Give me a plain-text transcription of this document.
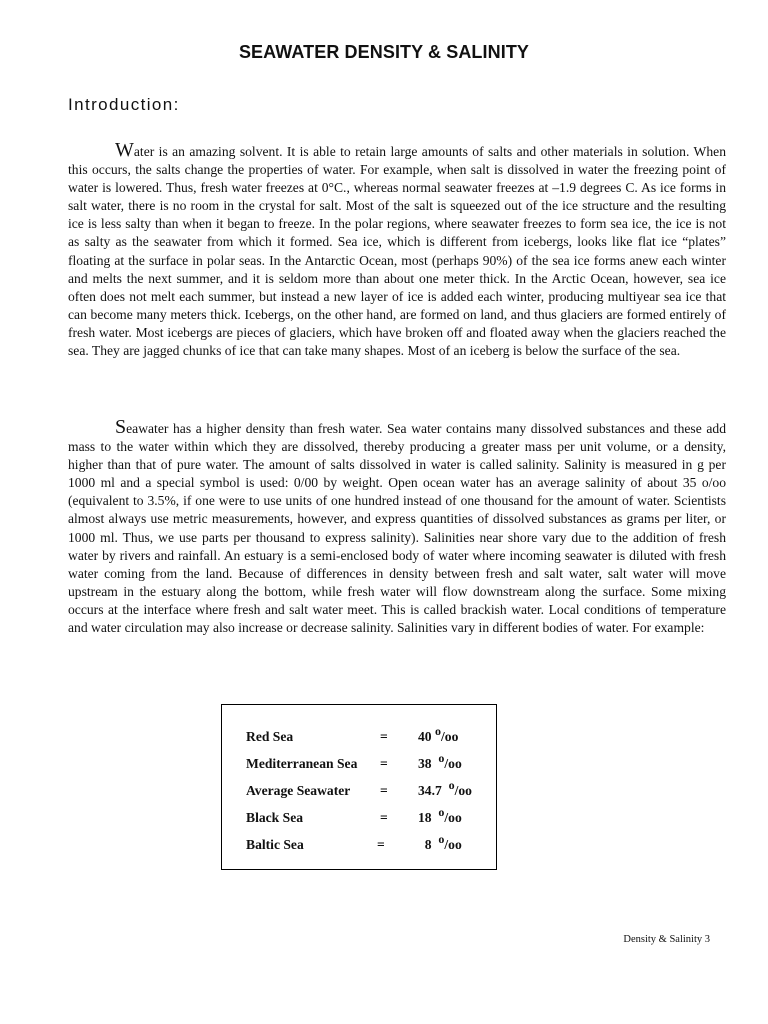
SEAWATER DENSITY & SALINITY
Introduction:

Water is an amazing solvent. It is able to retain large amounts of salts and other materials in solution. When this occurs, the salts change the properties of water. For example, when salt is dissolved in water the freezing point of water is lowered. Thus, fresh water freezes at 0°C., whereas normal seawater freezes at –1.9 degrees C. As ice forms in salt water, there is no room in the crystal for salt. Most of the salt is squeezed out of the ice structure and the resulting ice is less salty than when it began to freeze. In the polar regions, where seawater freezes to form sea ice, the ice is not as salty as the seawater from which it formed. Sea ice, which is different from icebergs, looks like flat ice “plates” floating at the surface in polar seas. In the Antarctic Ocean, most (perhaps 90%) of the sea ice forms anew each winter and melts the next summer, and it is seldom more than about one meter thick. In the Arctic Ocean, however, sea ice often does not melt each summer, but instead a new layer of ice is added each winter, producing multiyear sea ice that can become many meters thick. Icebergs, on the other hand, are formed on land, and thus glaciers are formed entirely of fresh water. Most icebergs are pieces of glaciers, which have broken off and floated away when the glaciers reached the sea. They are jagged chunks of ice that can take many shapes. Most of an iceberg is below the surface of the sea.

Seawater has a higher density than fresh water. Sea water contains many dissolved substances and these add mass to the water within which they are dissolved, thereby producing a greater mass per unit volume, or a density, higher than that of pure water. The amount of salts dissolved in water is called salinity. Salinity is measured in g per 1000 ml and a special symbol is used: 0/00 by weight. Open ocean water has an average salinity of about 35 o/oo (equivalent to 3.5%, if one were to use units of one hundred instead of one thousand for the amount of water. Scientists almost always use metric measurements, however, and express quantities of dissolved substances as grams per liter, or 1000 ml. Thus, we use parts per thousand to express salinity). Salinities near shore vary due to the addition of fresh water by rivers and rainfall. An estuary is a semi-enclosed body of water where incoming seawater is diluted with fresh water coming from the land. Because of differences in density between fresh and salt water, salt water will move upstream in the estuary along the bottom, while fresh water will flow downstream along the surface. Some mixing occurs at the interface where fresh and salt water meet. This is called brackish water. Local conditions of temperature and water circulation may also increase or decrease salinity. Salinities vary in different bodies of water. For example:

Red Sea	= 40 o/oo
Mediterranean Sea = 38 o/oo
Average Seawater = 34.7 o/oo
Black Sea	= 18 o/oo
Baltic Sea	=	8 o/oo
Density & Salinity 3
